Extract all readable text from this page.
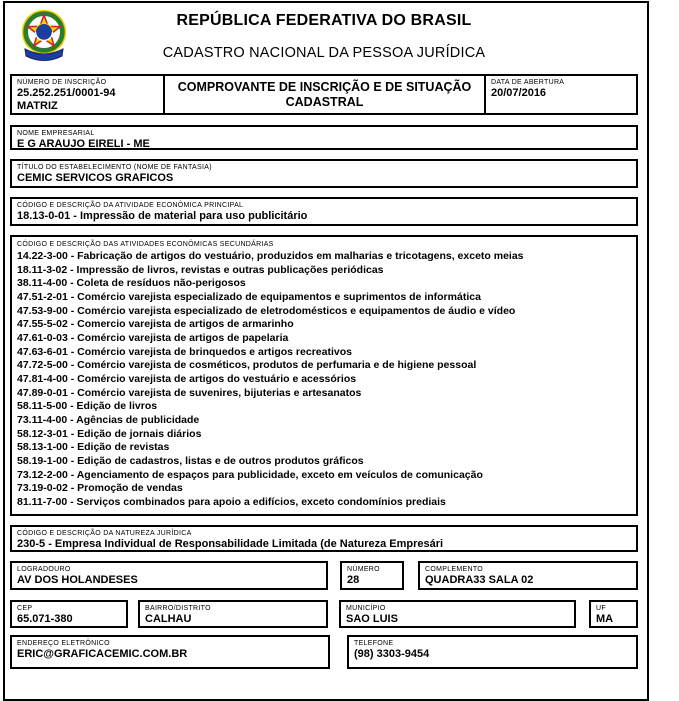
REPÚBLICA FEDERATIVA DO BRASIL
CADASTRO NACIONAL DA PESSOA JURÍDICA
NÚMERO DE INSCRIÇÃO
25.252.251/0001-94
MATRIZ
COMPROVANTE DE INSCRIÇÃO E DE SITUAÇÃO CADASTRAL
DATA DE ABERTURA
20/07/2016
NOME EMPRESARIAL
E G ARAUJO EIRELI - ME
TÍTULO DO ESTABELECIMENTO (NOME DE FANTASIA)
CEMIC SERVICOS GRAFICOS
CÓDIGO E DESCRIÇÃO DA ATIVIDADE ECONÔMICA PRINCIPAL
18.13-0-01 - Impressão de material para uso publicitário
CÓDIGO E DESCRIÇÃO DAS ATIVIDADES ECONÔMICAS SECUNDÁRIAS
14.22-3-00 - Fabricação de artigos do vestuário, produzidos em malharias e tricotagens, exceto meias
18.11-3-02 - Impressão de livros, revistas e outras publicações periódicas
38.11-4-00 - Coleta de resíduos não-perigosos
47.51-2-01 - Comércio varejista especializado de equipamentos e suprimentos de informática
47.53-9-00 - Comércio varejista especializado de eletrodomésticos e equipamentos de áudio e vídeo
47.55-5-02 - Comercio varejista de artigos de armarinho
47.61-0-03 - Comércio varejista de artigos de papelaria
47.63-6-01 - Comércio varejista de brinquedos e artigos recreativos
47.72-5-00 - Comércio varejista de cosméticos, produtos de perfumaria e de higiene pessoal
47.81-4-00 - Comércio varejista de artigos do vestuário e acessórios
47.89-0-01 - Comércio varejista de suvenires, bijuterias e artesanatos
58.11-5-00 - Edição de livros
73.11-4-00 - Agências de publicidade
58.12-3-01 - Edição de jornais diários
58.13-1-00 - Edição de revistas
58.19-1-00 - Edição de cadastros, listas e de outros produtos gráficos
73.12-2-00 - Agenciamento de espaços para publicidade, exceto em veículos de comunicação
73.19-0-02 - Promoção de vendas
81.11-7-00 - Serviços combinados para apoio a edifícios, exceto condomínios prediais
CÓDIGO E DESCRIÇÃO DA NATUREZA JURÍDICA
230-5 - Empresa Individual de Responsabilidade Limitada (de Natureza Empresári
LOGRADOURO
AV DOS HOLANDESES
NÚMERO
28
COMPLEMENTO
QUADRA33 SALA 02
CEP
65.071-380
BAIRRO/DISTRITO
CALHAU
MUNICÍPIO
SAO LUIS
UF
MA
ENDEREÇO ELETRÔNICO
ERIC@GRAFICACEMIC.COM.BR
TELEFONE
(98) 3303-9454
